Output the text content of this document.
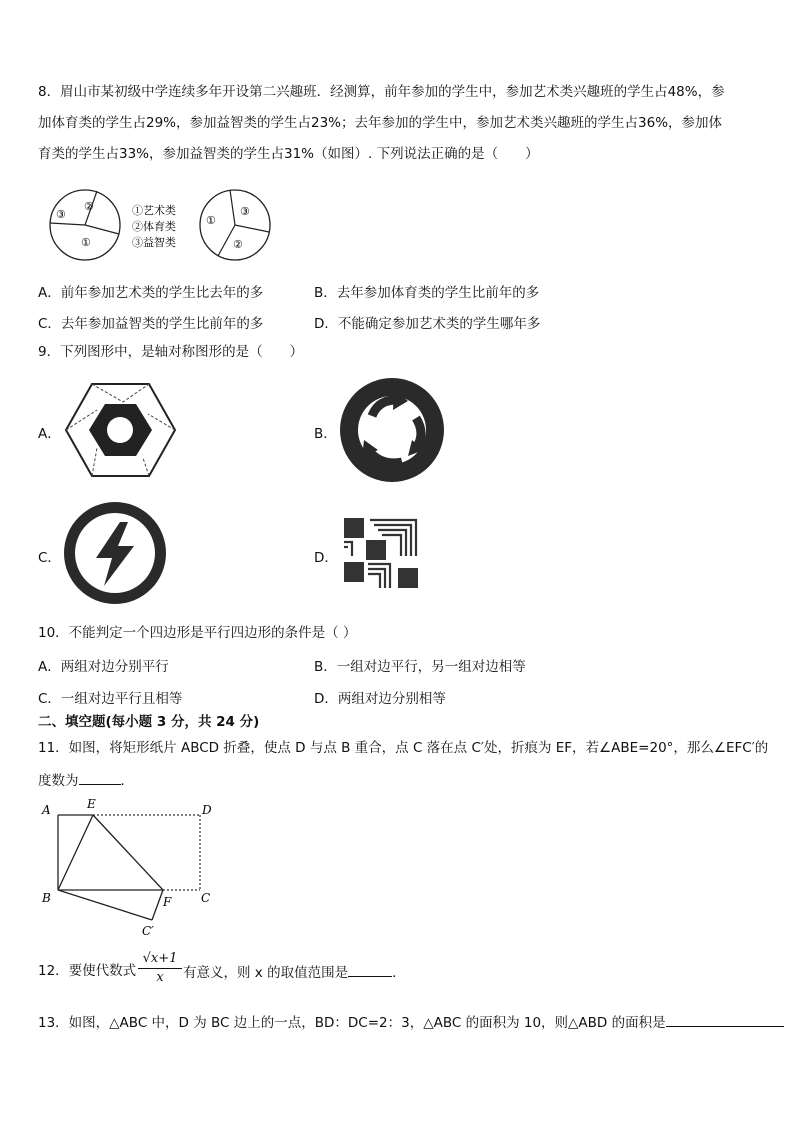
8．眉山市某初级中学连续多年开设第二兴趣班．经测算，前年参加的学生中，参加艺术类兴趣班的学生占48%，参
加体育类的学生占29%，参加益智类的学生占23%；去年参加的学生中，参加艺术类兴趣班的学生占36%，参加体
育类的学生占33%，参加益智类的学生占31%（如图）. 下列说法正确的是（　　）
③
②
①
①艺术类
②体育类
③益智类
①
③
②
A．前年参加艺术类的学生比去年的多	B．去年参加体育类的学生比前年的多
C．去年参加益智类的学生比前年的多	D．不能确定参加艺术类的学生哪年多
9．下列图形中，是轴对称图形的是（　　）
A．	B．
C．	D．
10．不能判定一个四边形是平行四边形的条件是（ ）
A．两组对边分别平行	B．一组对边平行，另一组对边相等
C．一组对边平行且相等	D．两组对边分别相等
二、填空题(每小题 3 分，共 24 分)
11．如图，将矩形纸片 ABCD 折叠，使点 D 与点 B 重合，点 C 落在点 C′处，折痕为 EF，若∠ABE=20°，那么∠EFC′的
度数为	．
A	E	D
B	F C
C′
12．要使代数式 $\frac{√x+1}{x}$ 有意义，则 x 的取值范围是	．
13．如图，△ABC 中，D 为 BC 边上的一点，BD：DC=2：3，△ABC 的面积为 10，则△ABD 的面积是
